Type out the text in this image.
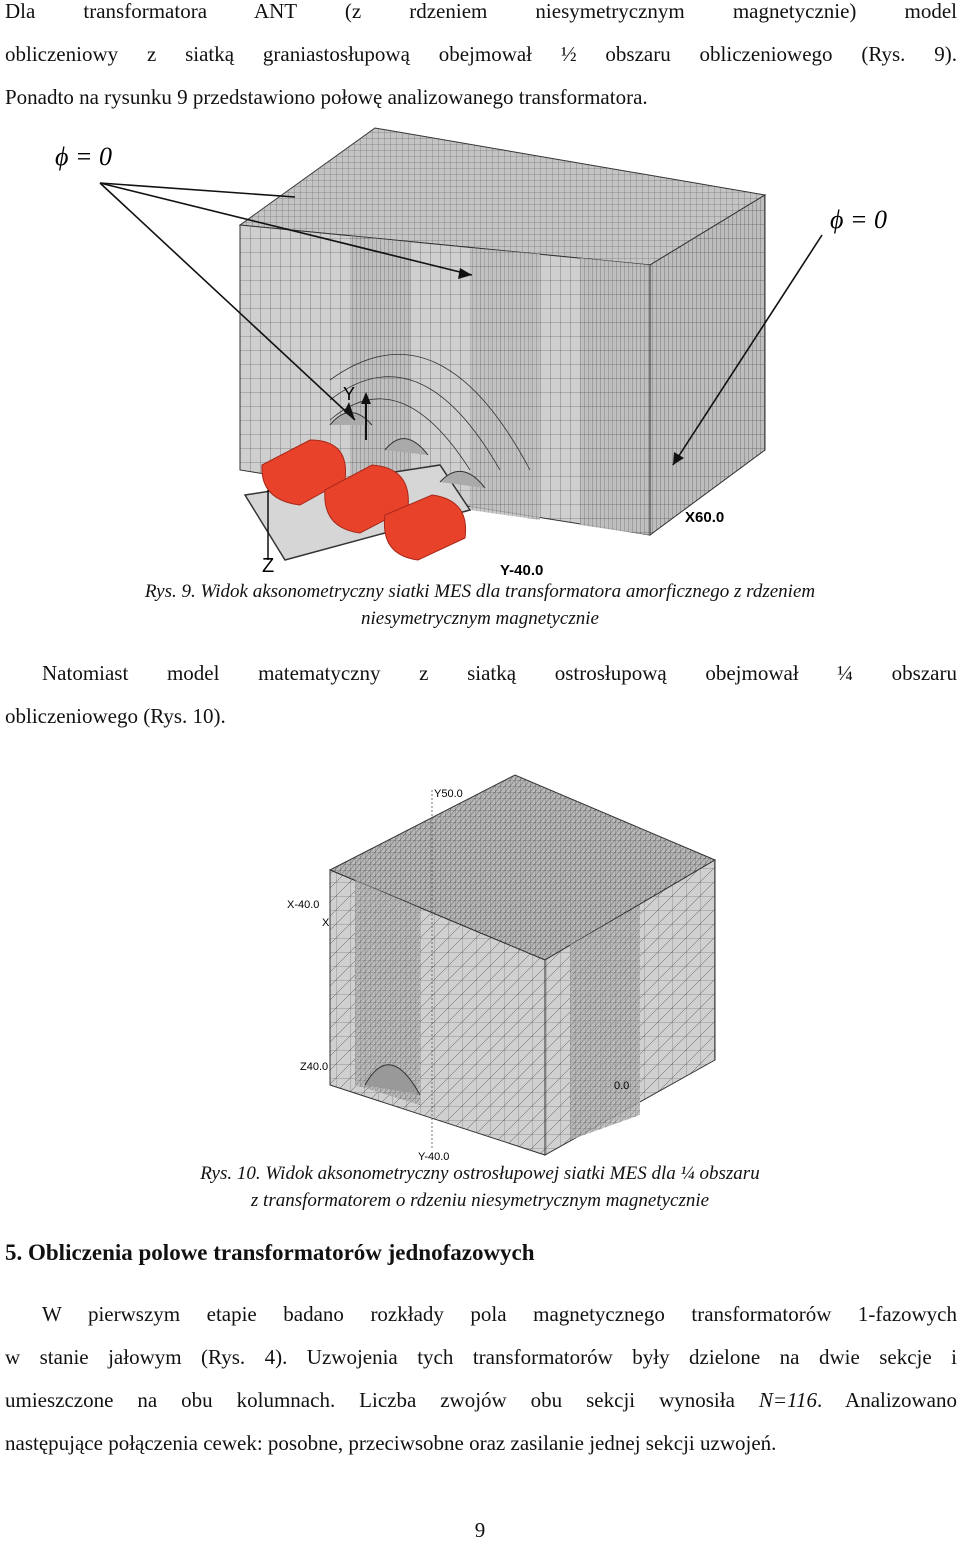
Dla transformatora ANT (z rdzeniem niesymetrycznym magnetycznie) model
obliczeniowy z siatką graniastosłupową obejmował ½ obszaru obliczeniowego (Rys. 9).
Ponadto na rysunku 9 przedstawiono połowę analizowanego transformatora.
ϕ = 0
ϕ = 0
Y
Z
X60.0
Y-40.0
Rys. 9. Widok aksonometryczny siatki MES dla transformatora amorficznego z rdzeniem
niesymetrycznym magnetycznie
Natomiast model matematyczny z siatką ostrosłupową obejmował ¼ obszaru
obliczeniowego (Rys. 10).
Y50.0
X-40.0
X
Z40.0
Y-40.0
0.0
Rys. 10. Widok aksonometryczny ostrosłupowej siatki MES dla ¼ obszaru
z transformatorem o rdzeniu niesymetrycznym magnetycznie
5. Obliczenia polowe transformatorów jednofazowych
W pierwszym etapie badano rozkłady pola magnetycznego transformatorów 1-fazowych
w stanie jałowym (Rys. 4). Uzwojenia tych transformatorów były dzielone na dwie sekcje i
umieszczone na obu kolumnach. Liczba zwojów obu sekcji wynosiła N=116. Analizowano
następujące połączenia cewek: posobne, przeciwsobne oraz zasilanie jednej sekcji uzwojeń.
9
